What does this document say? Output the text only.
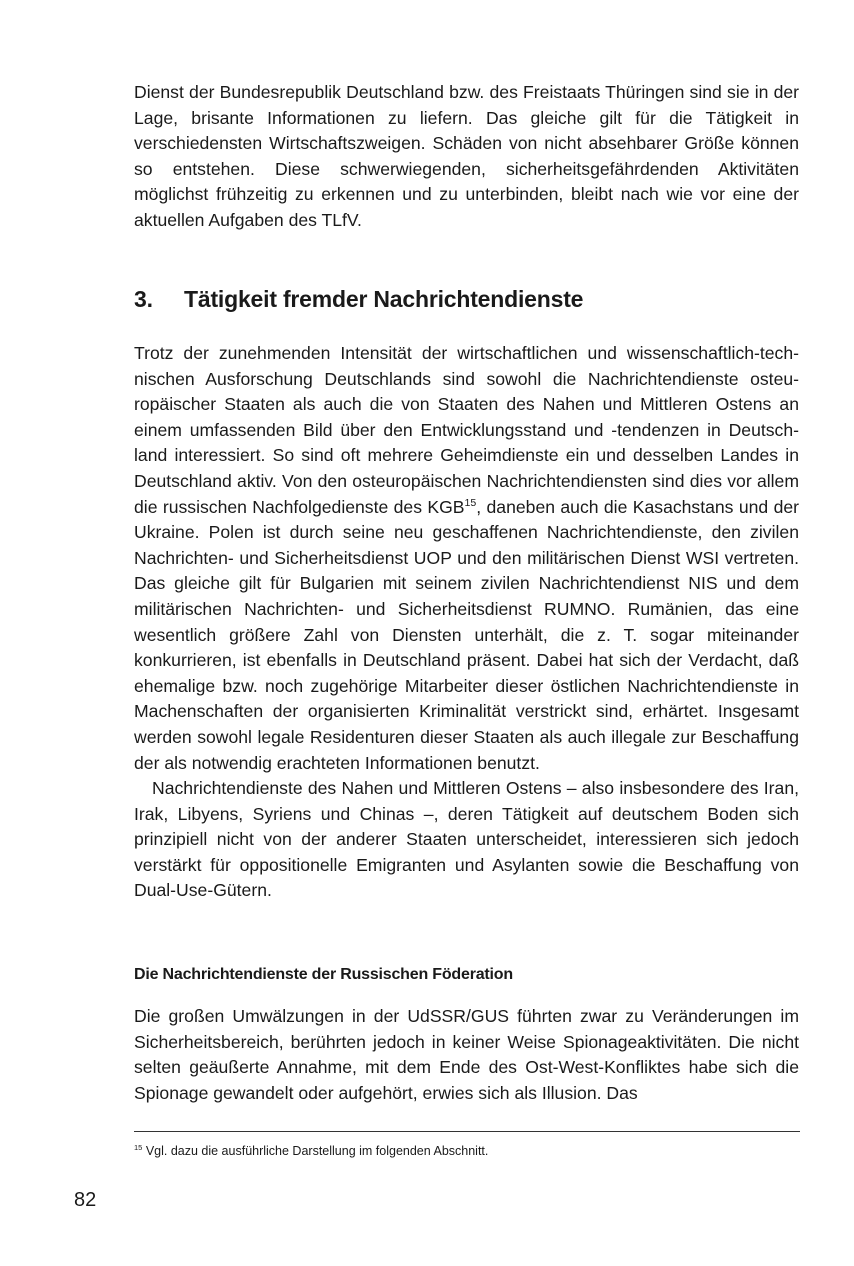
Dienst der Bundesrepublik Deutschland bzw. des Freistaats Thüringen sind sie in der Lage, brisante Informationen zu liefern. Das gleiche gilt für die Tätigkeit in verschiedensten Wirtschaftszweigen. Schäden von nicht absehbarer Größe können so entstehen. Diese schwerwiegenden, sicherheitsgefährdenden Aktivitäten möglichst frühzeitig zu erkennen und zu unterbinden, bleibt nach wie vor eine der aktuellen Aufgaben des TLfV.

3. Tätigkeit fremder Nachrichtendienste

Trotz der zunehmenden Intensität der wirtschaftlichen und wissenschaftlich-technischen Ausforschung Deutschlands sind sowohl die Nachrichtendienste osteuropäischer Staaten als auch die von Staaten des Nahen und Mittleren Ostens an einem umfassenden Bild über den Entwicklungsstand und -tendenzen in Deutschland interessiert. So sind oft mehrere Geheimdienste ein und desselben Landes in Deutschland aktiv. Von den osteuropäischen Nachrichtendiensten sind dies vor allem die russischen Nachfolgedienste des KGB$^{15}$, daneben auch die Kasachstans und der Ukraine. Polen ist durch seine neu geschaffenen Nachrichtendienste, den zivilen Nachrichten- und Sicherheitsdienst UOP und den militärischen Dienst WSI vertreten. Das gleiche gilt für Bulgarien mit seinem zivilen Nachrichtendienst NIS und dem militärischen Nachrichten- und Sicherheitsdienst RUMNO. Rumänien, das eine wesentlich größere Zahl von Diensten unterhält, die z. T. sogar miteinander konkurrieren, ist ebenfalls in Deutschland präsent. Dabei hat sich der Verdacht, daß ehemalige bzw. noch zugehörige Mitarbeiter dieser östlichen Nachrichtendienste in Machenschaften der organisierten Kriminalität verstrickt sind, erhärtet. Insgesamt werden sowohl legale Residenturen dieser Staaten als auch illegale zur Beschaffung der als notwendig erachteten Informationen benutzt.

Nachrichtendienste des Nahen und Mittleren Ostens – also insbesondere des Iran, Irak, Libyens, Syriens und Chinas –, deren Tätigkeit auf deutschem Boden sich prinzipiell nicht von der anderer Staaten unterscheidet, interessieren sich jedoch verstärkt für oppositionelle Emigranten und Asylanten sowie die Beschaffung von Dual-Use-Gütern.

Die Nachrichtendienste der Russischen Föderation

Die großen Umwälzungen in der UdSSR/GUS führten zwar zu Veränderungen im Sicherheitsbereich, berührten jedoch in keiner Weise Spionageaktivitäten. Die nicht selten geäußerte Annahme, mit dem Ende des Ost-West-Konfliktes habe sich die Spionage gewandelt oder aufgehört, erwies sich als Illusion. Das

$^{15}$ Vgl. dazu die ausführliche Darstellung im folgenden Abschnitt.
82
